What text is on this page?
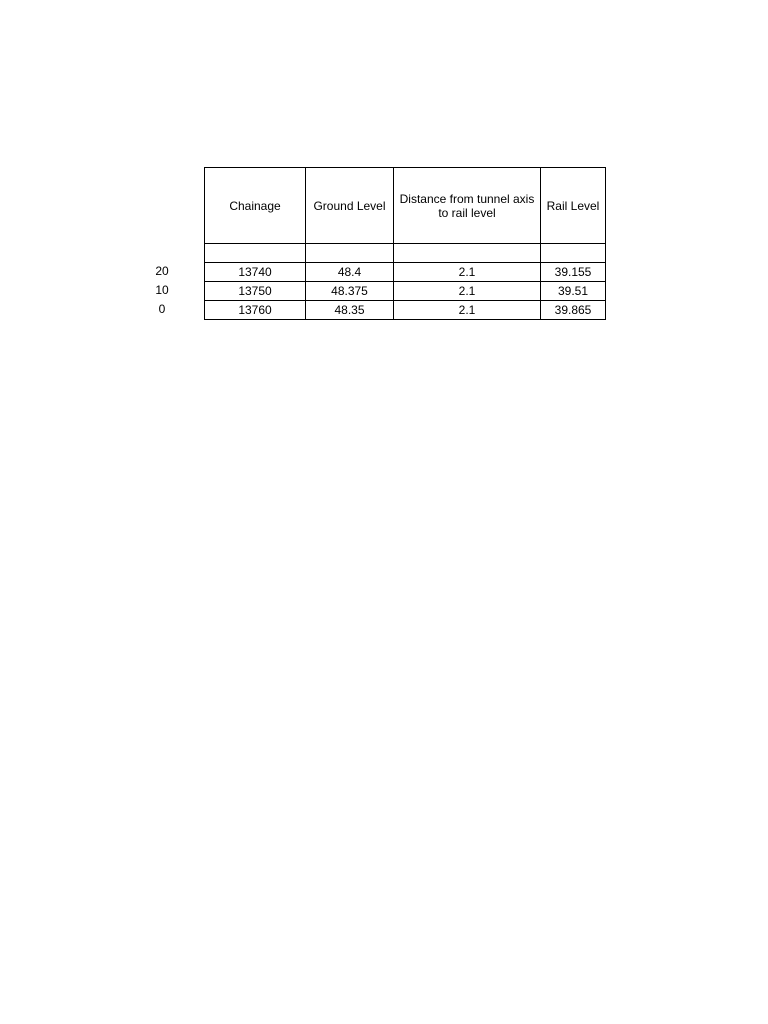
20
10
0
Chainage	Ground Level	Distance from tunnel axis to rail level	Rail Level

13740	48.4	2.1	39.155
13750	48.375	2.1	39.51
13760	48.35	2.1	39.865
